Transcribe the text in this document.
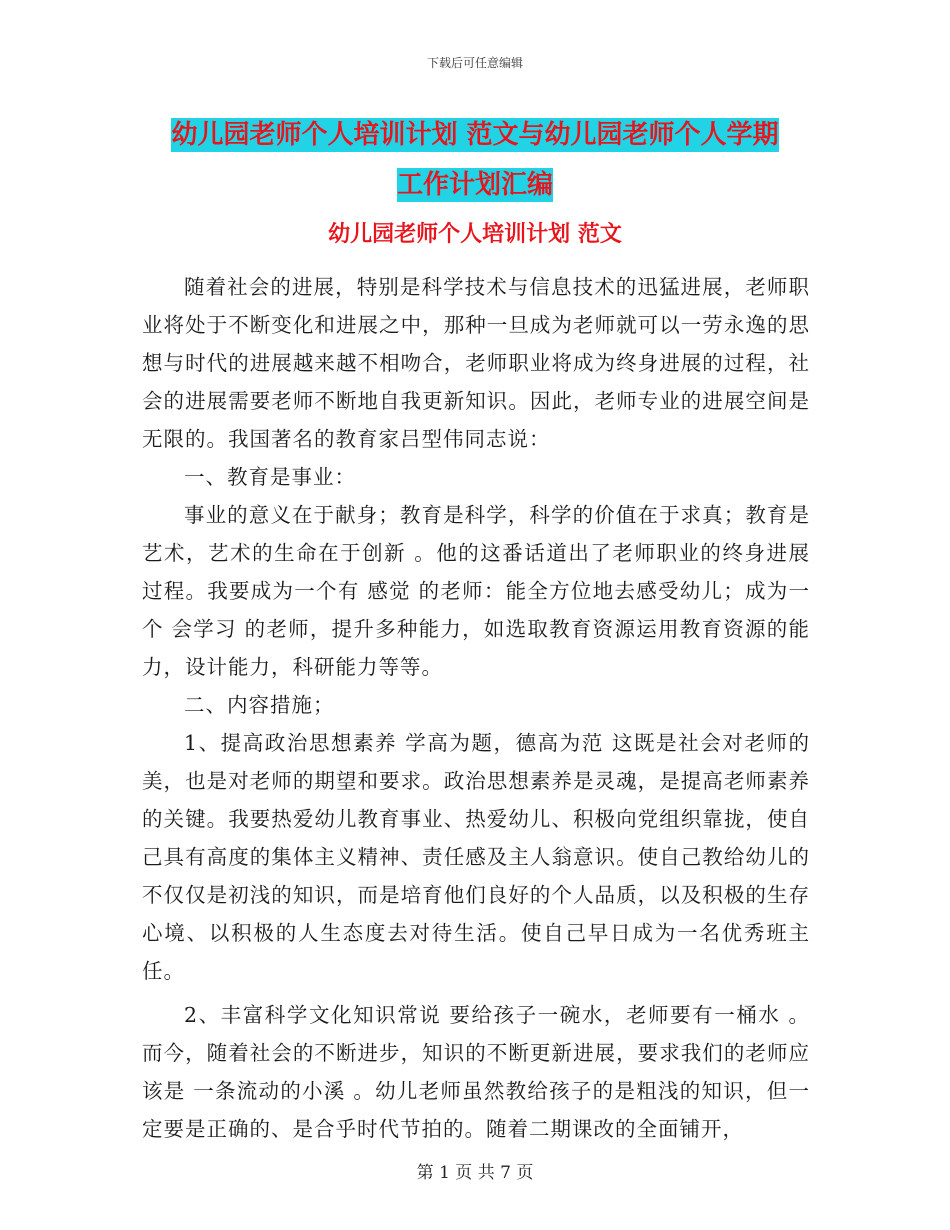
下载后可任意编辑
幼儿园老师个人培训计划 范文与幼儿园老师个人学期
工作计划汇编
幼儿园老师个人培训计划 范文

随着社会的进展，特别是科学技术与信息技术的迅猛进展，老师职业将处于不断变化和进展之中，那种一旦成为老师就可以一劳永逸的思想与时代的进展越来越不相吻合，老师职业将成为终身进展的过程，社会的进展需要老师不断地自我更新知识。因此，老师专业的进展空间是无限的。我国著名的教育家吕型伟同志说：

一、教育是事业：

事业的意义在于献身；教育是科学，科学的价值在于求真；教育是艺术，艺术的生命在于创新 。他的这番话道出了老师职业的终身进展过程。我要成为一个有 感觉 的老师：能全方位地去感受幼儿；成为一个 会学习 的老师，提升多种能力，如选取教育资源运用教育资源的能力，设计能力，科研能力等等。

二、内容措施；

1、提高政治思想素养 学高为题，德高为范 这既是社会对老师的美，也是对老师的期望和要求。政治思想素养是灵魂，是提高老师素养的关键。我要热爱幼儿教育事业、热爱幼儿、积极向党组织靠拢，使自己具有高度的集体主义精神、责任感及主人翁意识。使自己教给幼儿的不仅仅是初浅的知识，而是培育他们良好的个人品质，以及积极的生存心境、以积极的人生态度去对待生活。使自己早日成为一名优秀班主任。

2、丰富科学文化知识常说 要给孩子一碗水，老师要有一桶水 。而今，随着社会的不断进步，知识的不断更新进展，要求我们的老师应该是 一条流动的小溪 。幼儿老师虽然教给孩子的是粗浅的知识，但一定要是正确的、是合乎时代节拍的。随着二期课改的全面铺开，

第 1 页 共 7 页
